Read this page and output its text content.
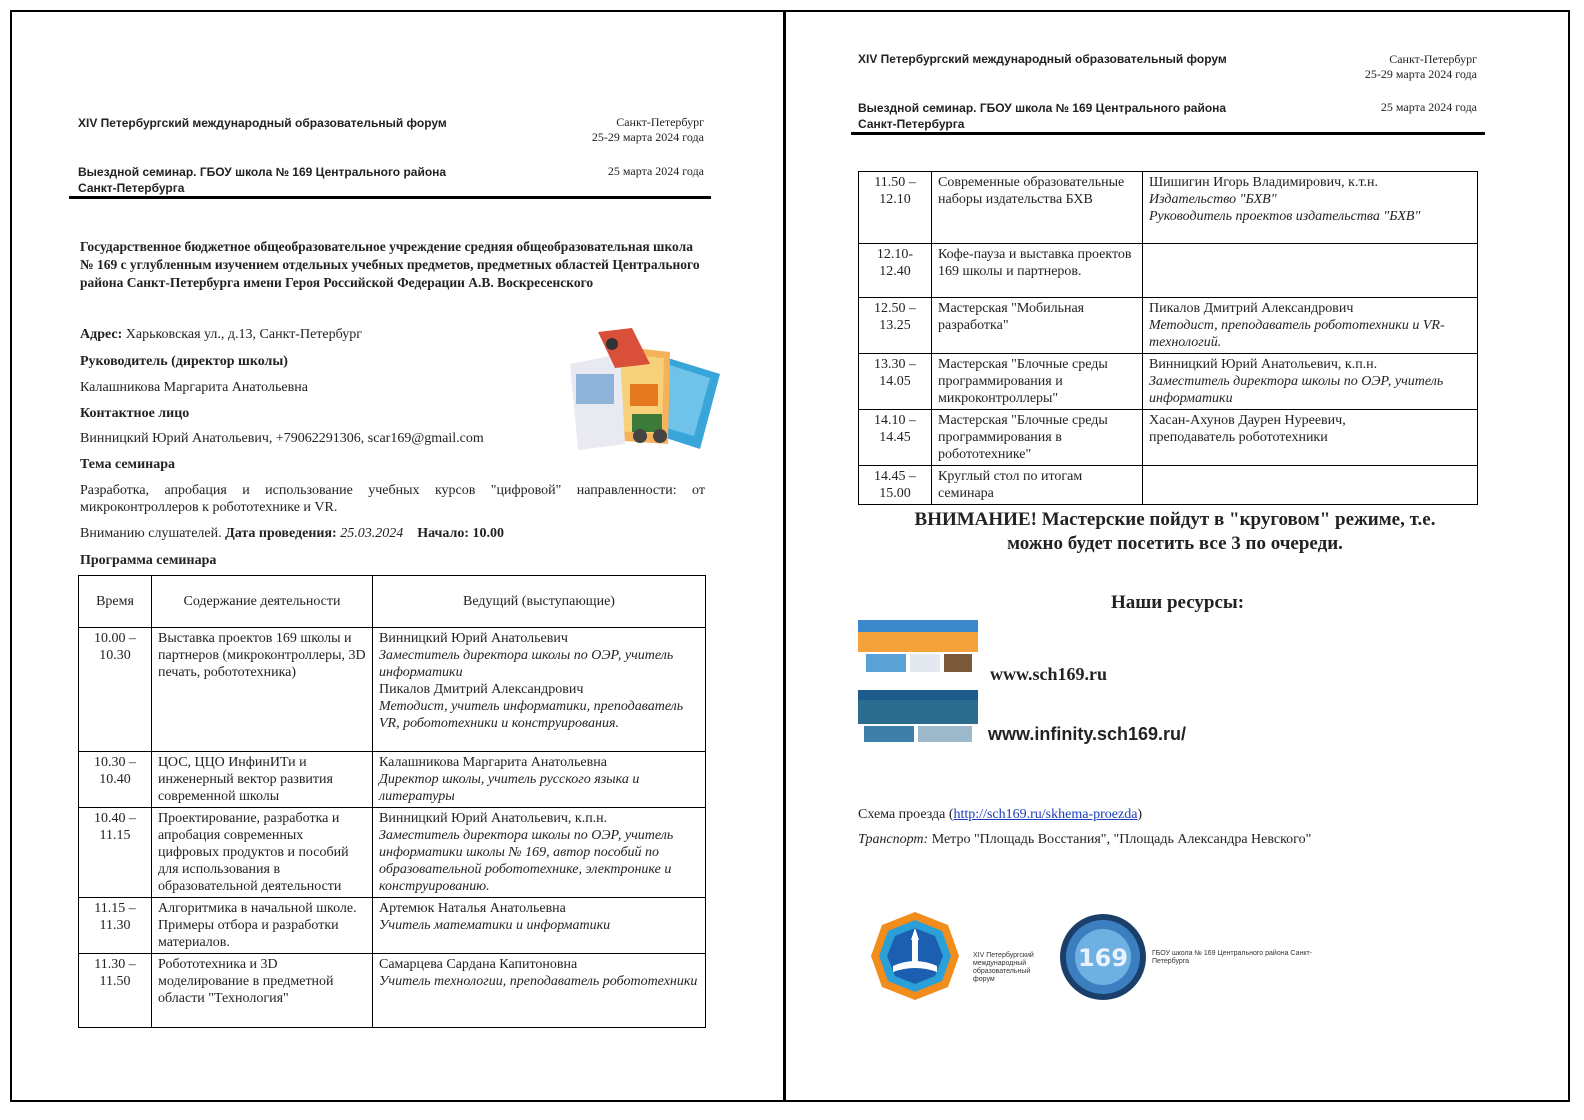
XIV Петербургский международный образовательный форум	Санкт-Петербург
25-29 марта 2024 года
Выездной семинар. ГБОУ школа № 169 Центрального района
Санкт-Петербурга
25 марта 2024 года
Государственное бюджетное общеобразовательное учреждение средняя общеобразовательная школа № 169 с углубленным изучением отдельных учебных предметов, предметных областей Центрального района Санкт-Петербурга имени Героя Российской Федерации А.В. Воскресенского
Адрес: Харьковская ул., д.13, Санкт-Петербург
Руководитель (директор школы)
Калашникова Маргарита Анатольевна
Контактное лицо
Винницкий Юрий Анатольевич, +79062291306, scar169@gmail.com
Тема семинара
Разработка, апробация и использование учебных курсов "цифровой" направленности: от микроконтроллеров к робототехнике и VR.
Вниманию слушателей. Дата проведения: 25.03.2024 Начало: 10.00
Программа семинара
Время	Содержание деятельности	Ведущий (выступающие)
10.00 – 10.30	Выставка проектов 169 школы и партнеров (микроконтроллеры, 3D печать, робототехника)	Винницкий Юрий Анатольевич
Заместитель директора школы по ОЭР, учитель информатики
Пикалов Дмитрий Александрович
Методист, учитель информатики, преподаватель VR, робототехники и конструирования.

10.30 – 10.40	ЦОС, ЦЦО ИнфинИТи и инженерный вектор развития современной школы	Калашникова Маргарита Анатольевна
Директор школы, учитель русского языка и литературы

10.40 – 11.15	Проектирование, разработка и апробация современных цифровых продуктов и пособий для использования в образовательной деятельности	Винницкий Юрий Анатольевич, к.п.н.
Заместитель директора школы по ОЭР, учитель информатики школы № 169, автор пособий по образовательной робототехнике, электронике и конструированию.

11.15 – 11.30	Алгоритмика в начальной школе. Примеры отбора и разработки материалов.	Артемюк Наталья Анатольевна
Учитель математики и информатики

11.30 – 11.50	Робототехника и 3D моделирование в предметной области "Технология"	Самарцева Сардана Капитоновна
Учитель технологии, преподаватель робототехники
XIV Петербургский международный образовательный форум	Санкт-Петербург
25-29 марта 2024 года
Выездной семинар. ГБОУ школа № 169 Центрального района
Санкт-Петербурга
25 марта 2024 года
11.50 – 12.10	Современные образовательные наборы издательства БХВ	Шишигин Игорь Владимирович, к.т.н.
Издательство "БХВ"
Руководитель проектов издательства "БХВ"

12.10- 12.40	Кофе-пауза и выставка проектов 169 школы и партнеров.	
12.50 – 13.25	Мастерская "Мобильная разработка"	Пикалов Дмитрий Александрович
Методист, преподаватель робототехники и VR-технологий.

13.30 – 14.05	Мастерская "Блочные среды программирования и микроконтроллеры"	Винницкий Юрий Анатольевич, к.п.н.
Заместитель директора школы по ОЭР, учитель информатики

14.10 – 14.45	Мастерская "Блочные среды программирования в робототехнике"	Хасан-Ахунов Даурен Нуреевич,
преподаватель робототехники

14.45 – 15.00	Круглый стол по итогам семинара	
ВНИМАНИЕ! Мастерские пойдут в "круговом" режиме, т.е.
можно будет посетить все 3 по очереди.
Наши ресурсы:
www.sch169.ru
www.infinity.sch169.ru/
Схема проезда (http://sch169.ru/skhema-proezda)
Транспорт: Метро "Площадь Восстания", "Площадь Александра Невского"
XIV Петербургский международный образовательный форум
169	ГБОУ школа № 169 Центрального района Санкт-Петербурга
